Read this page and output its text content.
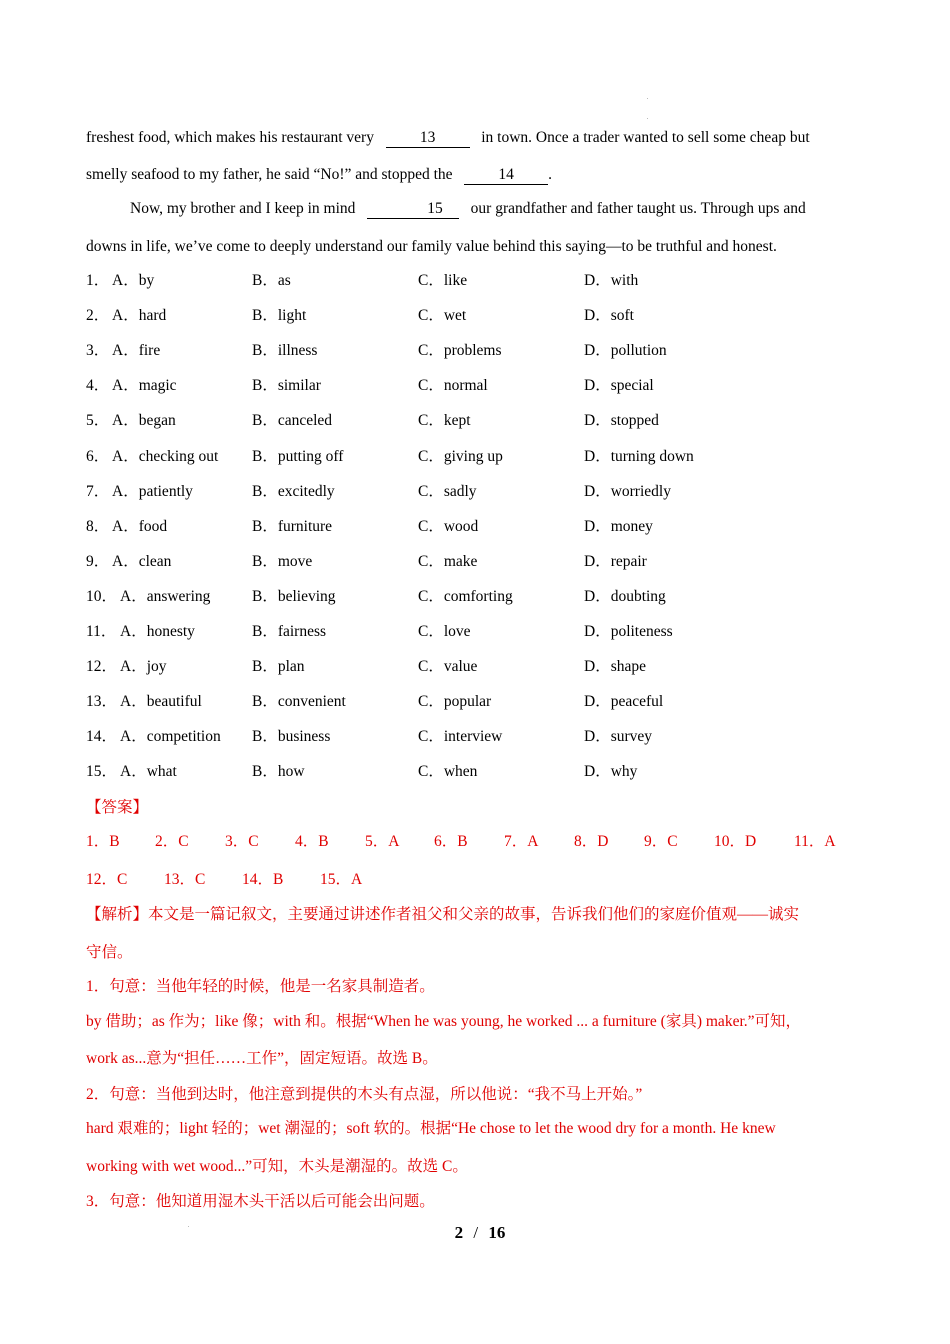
freshest food, which makes his restaurant very	13	in town. Once a trader wanted to sell some cheap but
smelly seafood to my father, he said “No!” and stopped the	14 .
Now, my brother and I keep in mind	15 our grandfather and father taught us. Through ups and
downs in life, we’ve come to deeply understand our family value behind this saying—to be truthful and honest.
1． A．by	B．as	C．like	D．with
2． A．hard	B．light	C．wet	D．soft
3． A．fire	B．illness	C．problems	D．pollution
4． A．magic	B．similar	C．normal	D．special
5． A．began	B．canceled	C．kept	D．stopped
6． A．checking out B．putting off	C．giving up	D．turning down
7． A．patiently	B．excitedly	C．sadly	D．worriedly
8． A．food	B．furniture	C．wood	D．money
9． A．clean	B．move	C．make	D．repair
10． A．answering	B．believing	C．comforting	D．doubting
11． A．honesty	B．fairness	C．love	D．politeness
12． A．joy	B．plan	C．value	D．shape
13． A．beautiful	B．convenient	C．popular	D．peaceful
14． A．competition B．business	C．interview	D．survey
15． A．what	B．how	C．when	D．why
【答案】
1．B 2．C 3．C 4．B 5．A 6．B 7．A 8．D 9．C 10．D 11．A
12．C 13．C 14．B 15．A
【解析】本文是一篇记叙文，主要通过讲述作者祖父和父亲的故事，告诉我们他们的家庭价值观——诚实
守信。
1．句意：当他年轻的时候，他是一名家具制造者。
by 借助；as 作为；like 像；with 和。根据“When he was young, he worked ... a furniture (家具) maker.”可知，
work as...意为“担任……工作”，固定短语。故选 B。
2．句意：当他到达时，他注意到提供的木头有点湿，所以他说：“我不马上开始。”
hard 艰难的；light 轻的；wet 潮湿的；soft 软的。根据“He chose to let the wood dry for a month. He knew
working with wet wood...”可知，木头是潮湿的。故选 C。
3．句意：他知道用湿木头干活以后可能会出问题。
2 / 16
